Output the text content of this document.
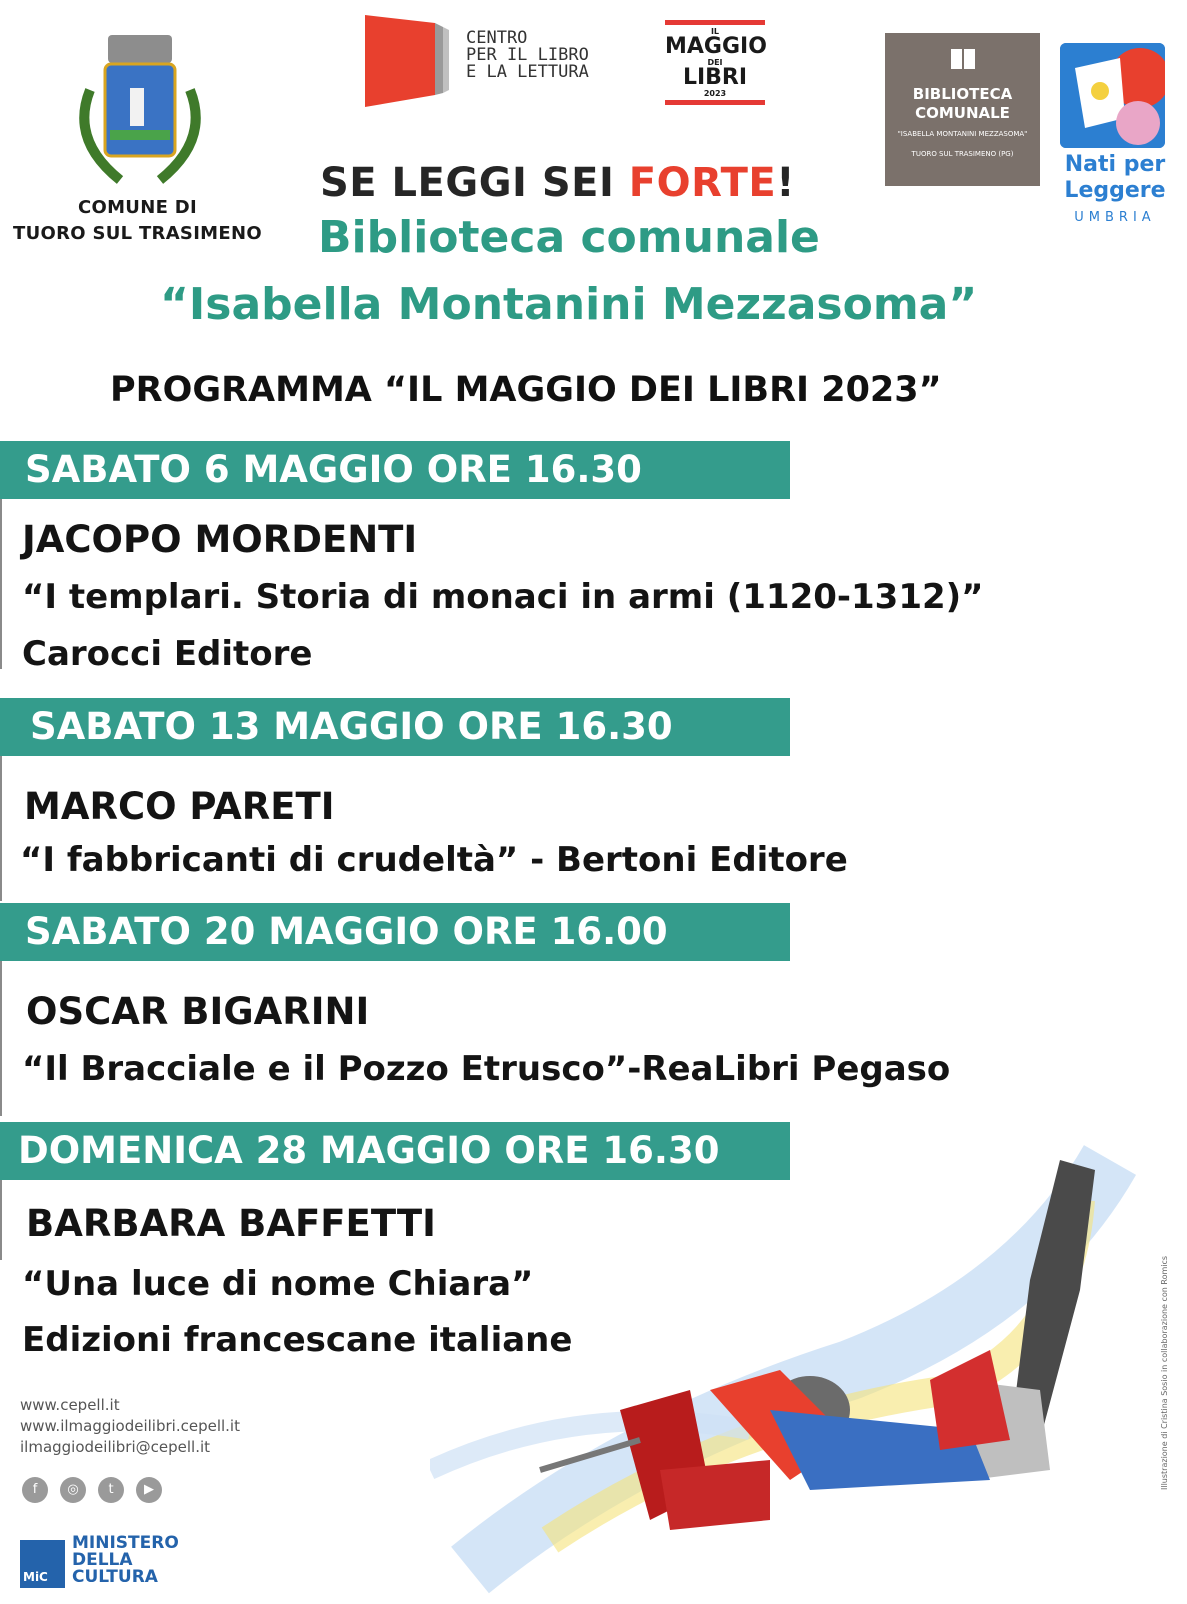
COMUNE DI
TUORO SUL TRASIMENO
CENTRO
PER IL LIBRO
E LA LETTURA
IL
MAGGIO
DEI
LIBRI
2023	BIBLIOTECA
COMUNALE
"ISABELLA MONTANINI MEZZASOMA"
TUORO SUL TRASIMENO (PG)	Nati per
Leggere
UMBRIA
SE LEGGI SEI FORTE!
Biblioteca comunale
“Isabella Montanini Mezzasoma”
PROGRAMMA “IL MAGGIO DEI LIBRI 2023”
SABATO 6 MAGGIO ORE 16.30
JACOPO MORDENTI
“I templari. Storia di monaci in armi (1120-1312)”
Carocci Editore
SABATO 13 MAGGIO ORE 16.30
MARCO PARETI
“I fabbricanti di crudeltà” - Bertoni Editore
SABATO 20 MAGGIO ORE 16.00
OSCAR BIGARINI
“Il Bracciale e il Pozzo Etrusco”-ReaLibri Pegaso
DOMENICA 28 MAGGIO ORE 16.30
BARBARA BAFFETTI
“Una luce di nome Chiara”
Edizioni francescane italiane
www.cepell.it
www.ilmaggiodeilibri.cepell.it
ilmaggiodeilibri@cepell.it
f ◎ t ▶
MiC
MINISTERO
DELLA
CULTURA
Illustrazione di Cristina Sosio in collaborazione con Romics
